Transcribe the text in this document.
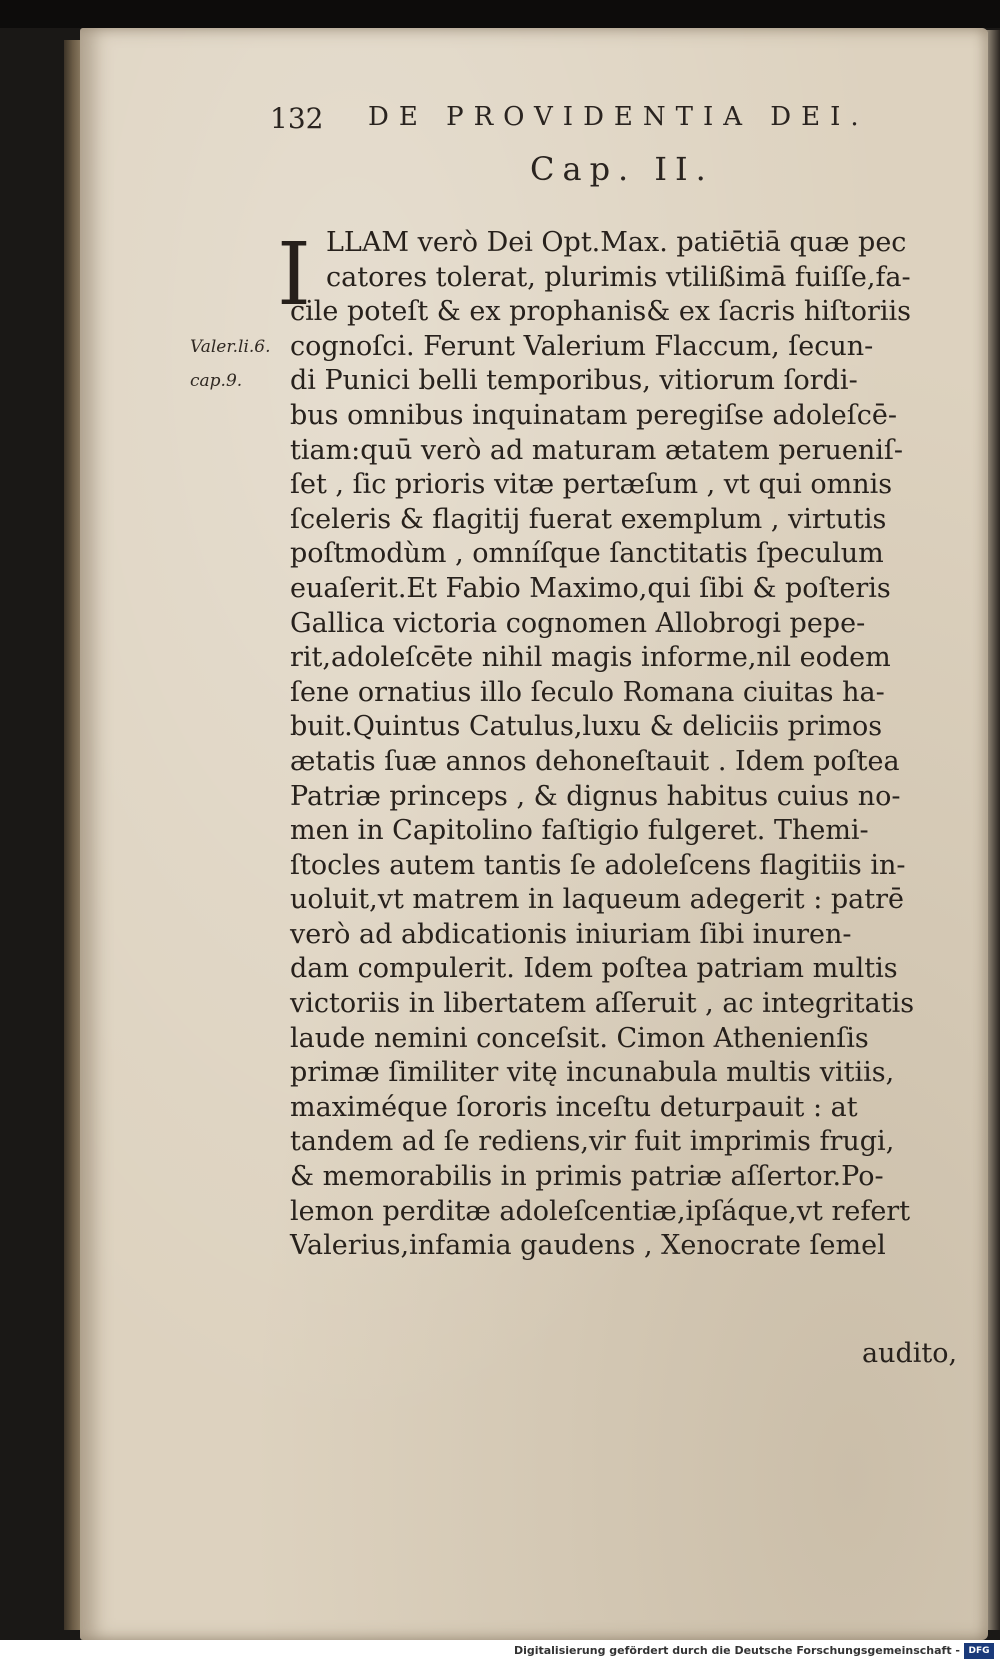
132 DE PROVIDENTIA DEI.
Cap. II.
I
Valer.li.6.
cap.9.
LLAM verò Dei Opt.Max. patiētiā quæ pec
catores tolerat, plurimis vtilißimā fuiſſe,fa-
cile poteſt & ex prophanis& ex ſacris hiſtoriis
cognoſci. Ferunt Valerium Flaccum, ſecun-
di Punici belli temporibus, vitiorum ſordi-
bus omnibus inquinatam peregiſse adoleſcē-
tiam:quū verò ad maturam ætatem perueniſ-
ſet , ſic prioris vitæ pertæſum , vt qui omnis
ſceleris & flagitij fuerat exemplum , virtutis
poſtmodùm , omníſque ſanctitatis ſpeculum
euaſerit.Et Fabio Maximo,qui ſibi & poſteris
Gallica victoria cognomen Allobrogi pepe-
rit,adoleſcēte nihil magis informe,nil eodem
ſene ornatius illo ſeculo Romana ciuitas ha-
buit.Quintus Catulus,luxu & deliciis primos
ætatis ſuæ annos dehoneſtauit . Idem poſtea
Patriæ princeps , & dignus habitus cuius no-
men in Capitolino faſtigio fulgeret. Themi-
ſtocles autem tantis ſe adoleſcens flagitiis in-
uoluit,vt matrem in laqueum adegerit : patrē
verò ad abdicationis iniuriam ſibi inuren-
dam compulerit. Idem poſtea patriam multis
victoriis in libertatem aſſeruit , ac integritatis
laude nemini conceſsit. Cimon Athenienſis
primæ ſimiliter vitę incunabula multis vitiis,
maximéque ſororis inceſtu deturpauit : at
tandem ad ſe rediens,vir fuit imprimis frugi,
& memorabilis in primis patriæ aſſertor.Po-
lemon perditæ adoleſcentiæ,ipſáque,vt refert
Valerius,infamia gaudens , Xenocrate ſemel
audito,
Digitalisierung gefördert durch die Deutsche Forschungsgemeinschaft - DFG
